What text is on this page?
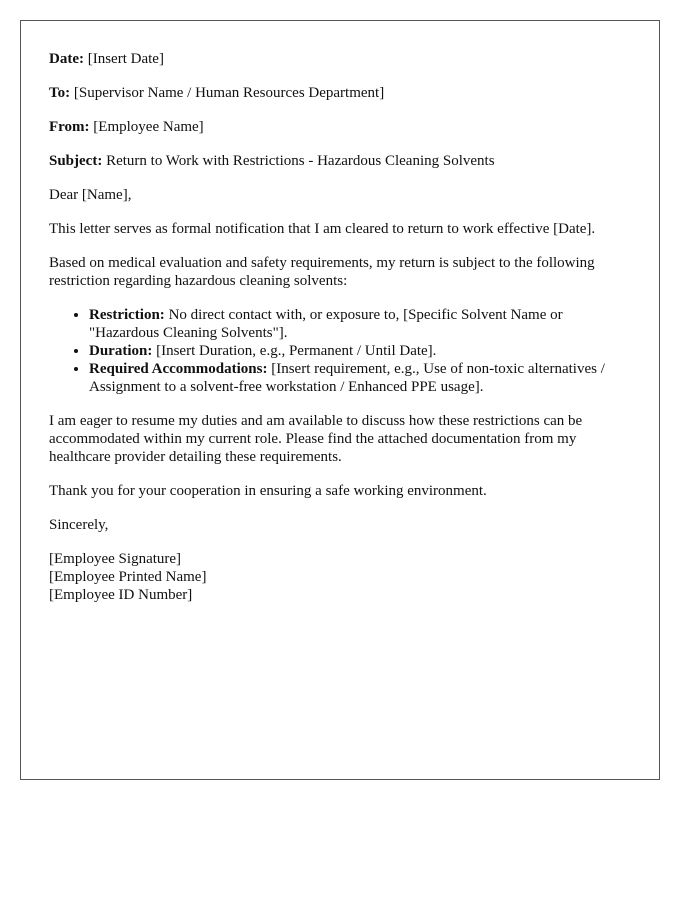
Date: [Insert Date]

To: [Supervisor Name / Human Resources Department]

From: [Employee Name]

Subject: Return to Work with Restrictions - Hazardous Cleaning Solvents

Dear [Name],

This letter serves as formal notification that I am cleared to return to work effective [Date].

Based on medical evaluation and safety requirements, my return is subject to the following restriction regarding hazardous cleaning solvents:

• Restriction: No direct contact with, or exposure to, [Specific Solvent Name or "Hazardous Cleaning Solvents"].
• Duration: [Insert Duration, e.g., Permanent / Until Date].
• Required Accommodations: [Insert requirement, e.g., Use of non-toxic alternatives / Assignment to a solvent-free workstation / Enhanced PPE usage].

I am eager to resume my duties and am available to discuss how these restrictions can be accommodated within my current role. Please find the attached documentation from my healthcare provider detailing these requirements.

Thank you for your cooperation in ensuring a safe working environment.

Sincerely,

[Employee Signature]

[Employee Printed Name]

[Employee ID Number]
